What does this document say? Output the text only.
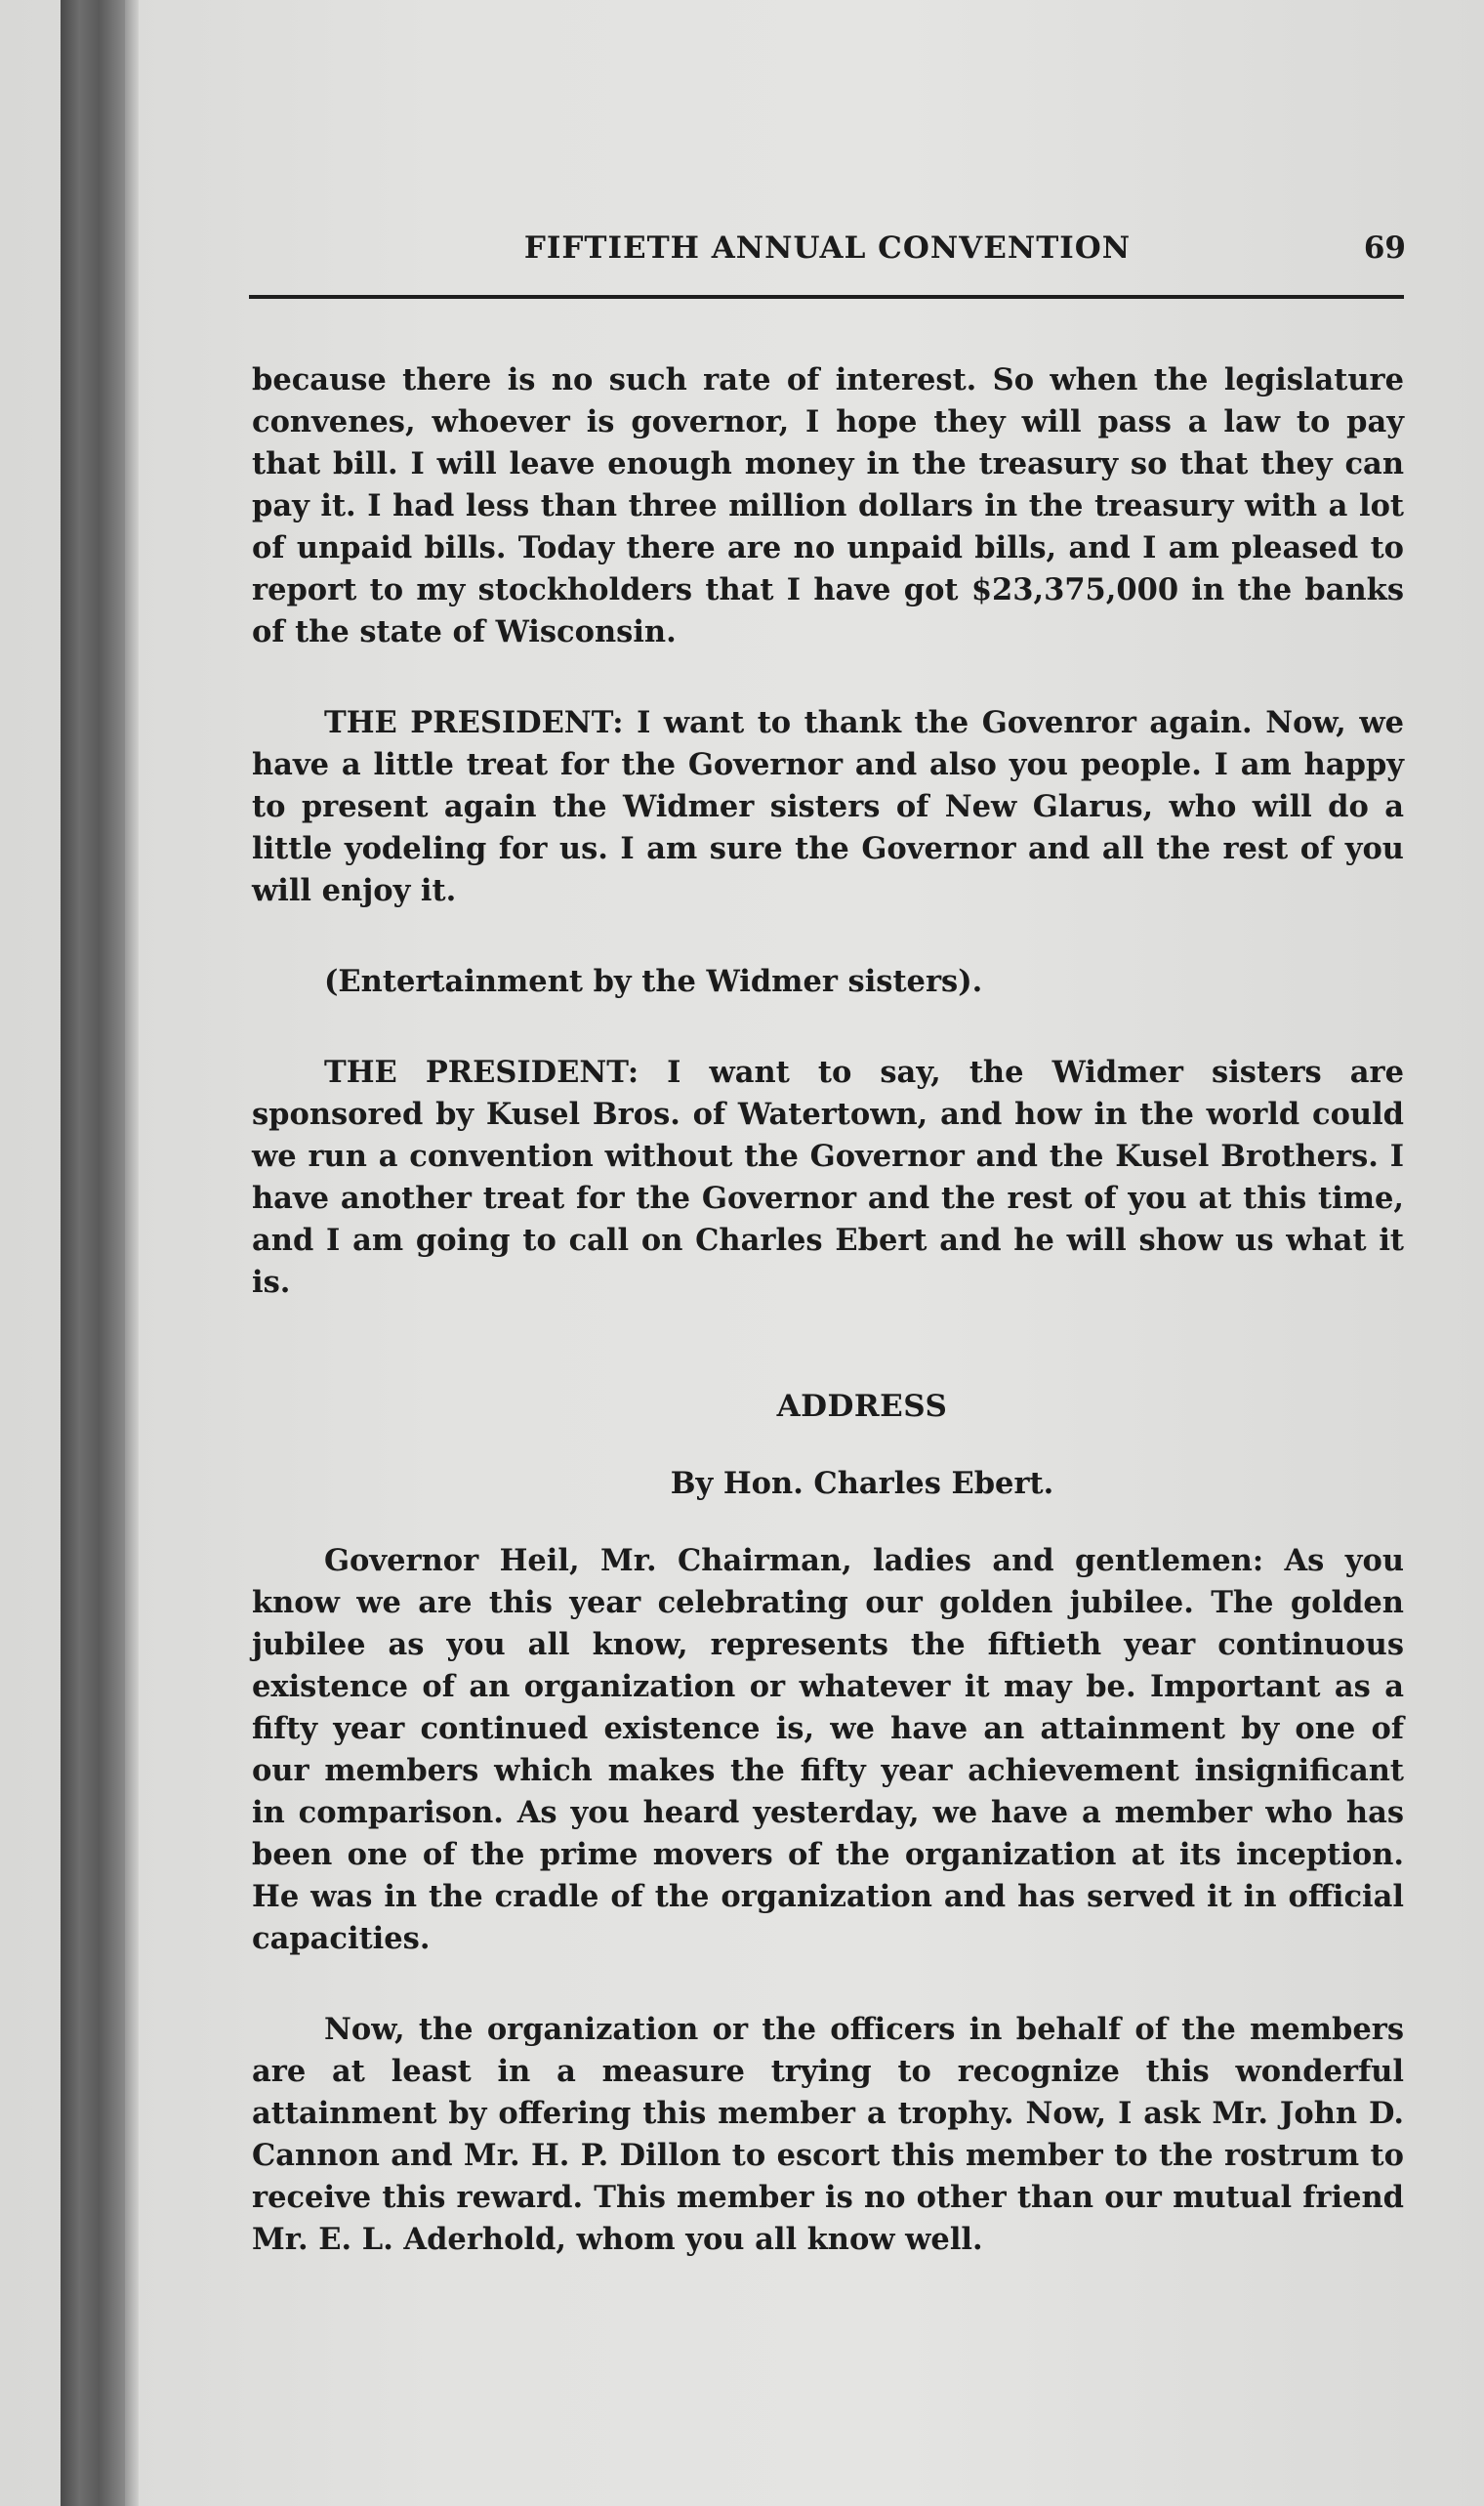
FIFTIETH ANNUAL CONVENTION	69

because there is no such rate of interest. So when the legislature convenes, whoever is governor, I hope they will pass a law to pay that bill. I will leave enough money in the treasury so that they can pay it. I had less than three million dollars in the treasury with a lot of unpaid bills. Today there are no unpaid bills, and I am pleased to report to my stockholders that I have got $23,375,000 in the banks of the state of Wisconsin.

THE PRESIDENT: I want to thank the Govenror again. Now, we have a little treat for the Governor and also you people. I am happy to present again the Widmer sisters of New Glarus, who will do a little yodeling for us. I am sure the Governor and all the rest of you will enjoy it.

(Entertainment by the Widmer sisters).

THE PRESIDENT: I want to say, the Widmer sisters are sponsored by Kusel Bros. of Watertown, and how in the world could we run a convention without the Governor and the Kusel Brothers. I have another treat for the Governor and the rest of you at this time, and I am going to call on Charles Ebert and he will show us what it is.

ADDRESS

By Hon. Charles Ebert.

Governor Heil, Mr. Chairman, ladies and gentlemen: As you know we are this year celebrating our golden jubilee. The golden jubilee as you all know, represents the fiftieth year continuous existence of an organization or whatever it may be. Important as a fifty year continued existence is, we have an attainment by one of our members which makes the fifty year achievement insignificant in comparison. As you heard yesterday, we have a member who has been one of the prime movers of the organization at its inception. He was in the cradle of the organization and has served it in official capacities.

Now, the organization or the officers in behalf of the members are at least in a measure trying to recognize this wonderful attainment by offering this member a trophy. Now, I ask Mr. John D. Cannon and Mr. H. P. Dillon to escort this member to the rostrum to receive this reward. This member is no other than our mutual friend Mr. E. L. Aderhold, whom you all know well.
